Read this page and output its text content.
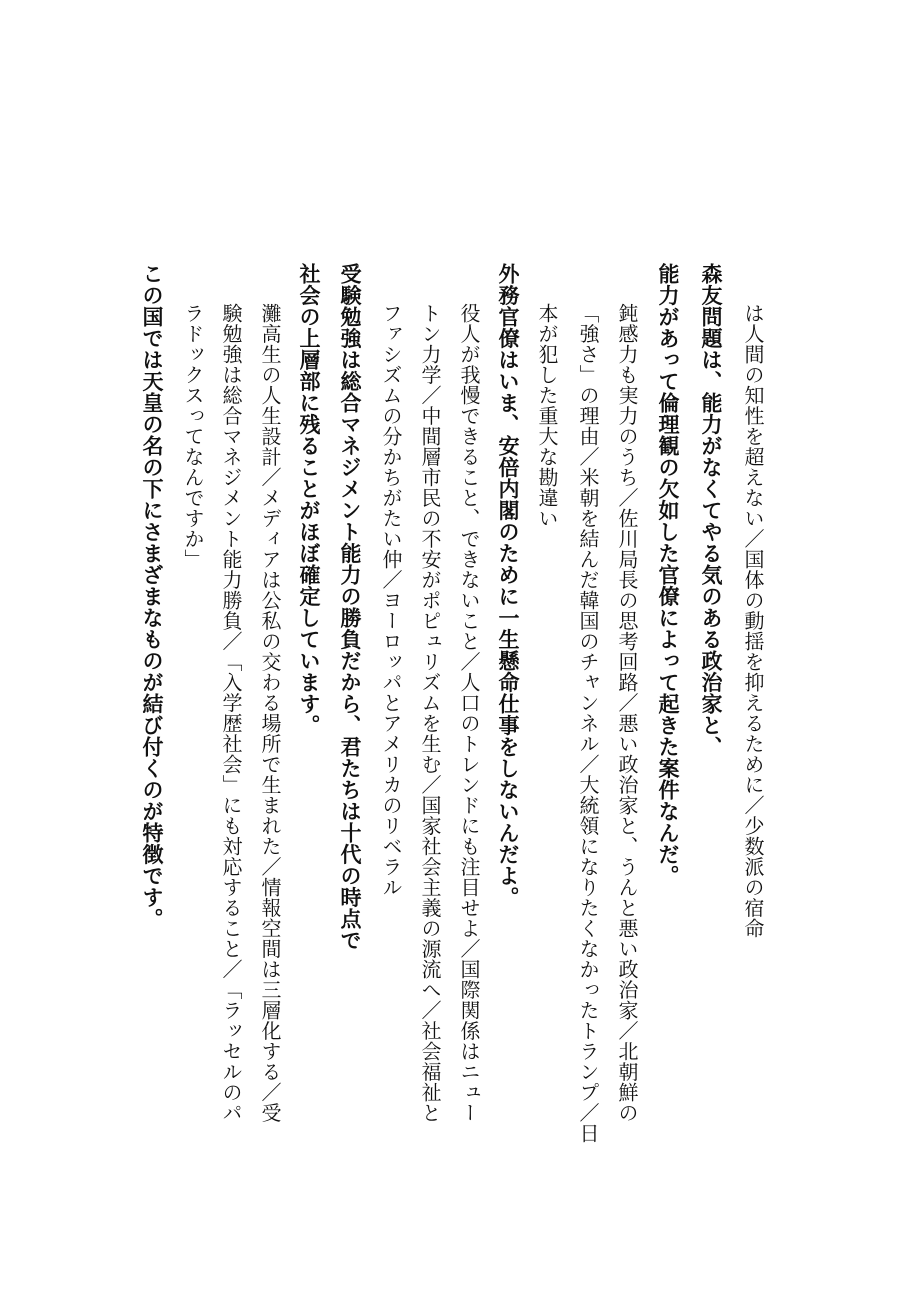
は人間の知性を超えない／国体の動揺を抑えるために／少数派の宿命
森友問題は、能力がなくてやる気のある政治家と、
能力があって倫理観の欠如した官僚によって起きた案件なんだ。
鈍感力も実力のうち／佐川局長の思考回路／悪い政治家と、うんと悪い政治家／北朝鮮の
「強さ」の理由／米朝を結んだ韓国のチャンネル／大統領になりたくなかったトランプ／日
本が犯した重大な勘違い
外務官僚はいま、安倍内閣のために一生懸命仕事をしないんだよ。
役人が我慢できること、できないこと／人口のトレンドにも注目せよ／国際関係はニュー
トン力学／中間層市民の不安がポピュリズムを生む／国家社会主義の源流へ／社会福祉と
ファシズムの分かちがたい仲／ヨーロッパとアメリカのリベラル
受験勉強は総合マネジメント能力の勝負だから、君たちは十代の時点で
社会の上層部に残ることがほぼ確定しています。
灘高生の人生設計／メディアは公私の交わる場所で生まれた／情報空間は三層化する／受
験勉強は総合マネジメント能力勝負／「入学歴社会」にも対応すること／「ラッセルのパ
ラドックスってなんですか」
この国では天皇の名の下にさまざまなものが結び付くのが特徴です。
